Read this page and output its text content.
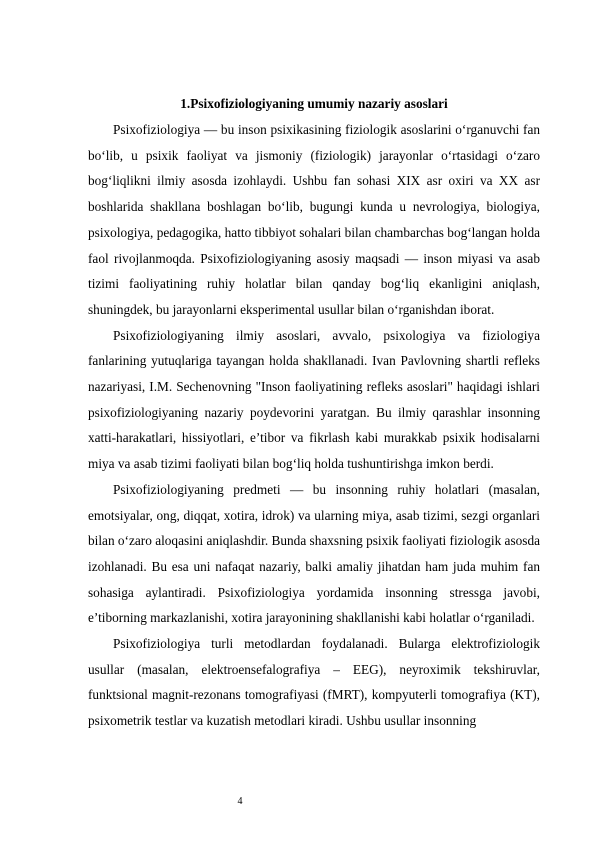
1.Psixofiziologiyaning umumiy nazariy asoslari

Psixofiziologiya — bu inson psixikasining fiziologik asoslarini o‘rganuvchi fan bo‘lib, u psixik faoliyat va jismoniy (fiziologik) jarayonlar o‘rtasidagi o‘zaro bog‘liqlikni ilmiy asosda izohlaydi. Ushbu fan sohasi XIX asr oxiri va XX asr boshlarida shakllana boshlagan bo‘lib, bugungi kunda u nevrologiya, biologiya, psixologiya, pedagogika, hatto tibbiyot sohalari bilan chambarchas bog‘langan holda faol rivojlanmoqda. Psixofiziologiyaning asosiy maqsadi — inson miyasi va asab tizimi faoliyatining ruhiy holatlar bilan qanday bog‘liq ekanligini aniqlash, shuningdek, bu jarayonlarni eksperimental usullar bilan o‘rganishdan iborat.

Psixofiziologiyaning ilmiy asoslari, avvalo, psixologiya va fiziologiya fanlarining yutuqlariga tayangan holda shakllanadi. Ivan Pavlovning shartli refleks nazariyasi, I.M. Sechenovning "Inson faoliyatining refleks asoslari" haqidagi ishlari psixofiziologiyaning nazariy poydevorini yaratgan. Bu ilmiy qarashlar insonning xatti-harakatlari, hissiyotlari, e’tibor va fikrlash kabi murakkab psixik hodisalarni miya va asab tizimi faoliyati bilan bog‘liq holda tushuntirishga imkon berdi.

Psixofiziologiyaning predmeti — bu insonning ruhiy holatlari (masalan, emotsiyalar, ong, diqqat, xotira, idrok) va ularning miya, asab tizimi, sezgi organlari bilan o‘zaro aloqasini aniqlashdir. Bunda shaxsning psixik faoliyati fiziologik asosda izohlanadi. Bu esa uni nafaqat nazariy, balki amaliy jihatdan ham juda muhim fan sohasiga aylantiradi. Psixofiziologiya yordamida insonning stressga javobi, e’tiborning markazlanishi, xotira jarayonining shakllanishi kabi holatlar o‘rganiladi.

Psixofiziologiya turli metodlardan foydalanadi. Bularga elektrofiziologik usullar (masalan, elektroensefalografiya – EEG), neyroximik tekshiruvlar, funktsional magnit-rezonans tomografiyasi (fMRT), kompyuterli tomografiya (KT), psixometrik testlar va kuzatish metodlari kiradi. Ushbu usullar insonning

4
